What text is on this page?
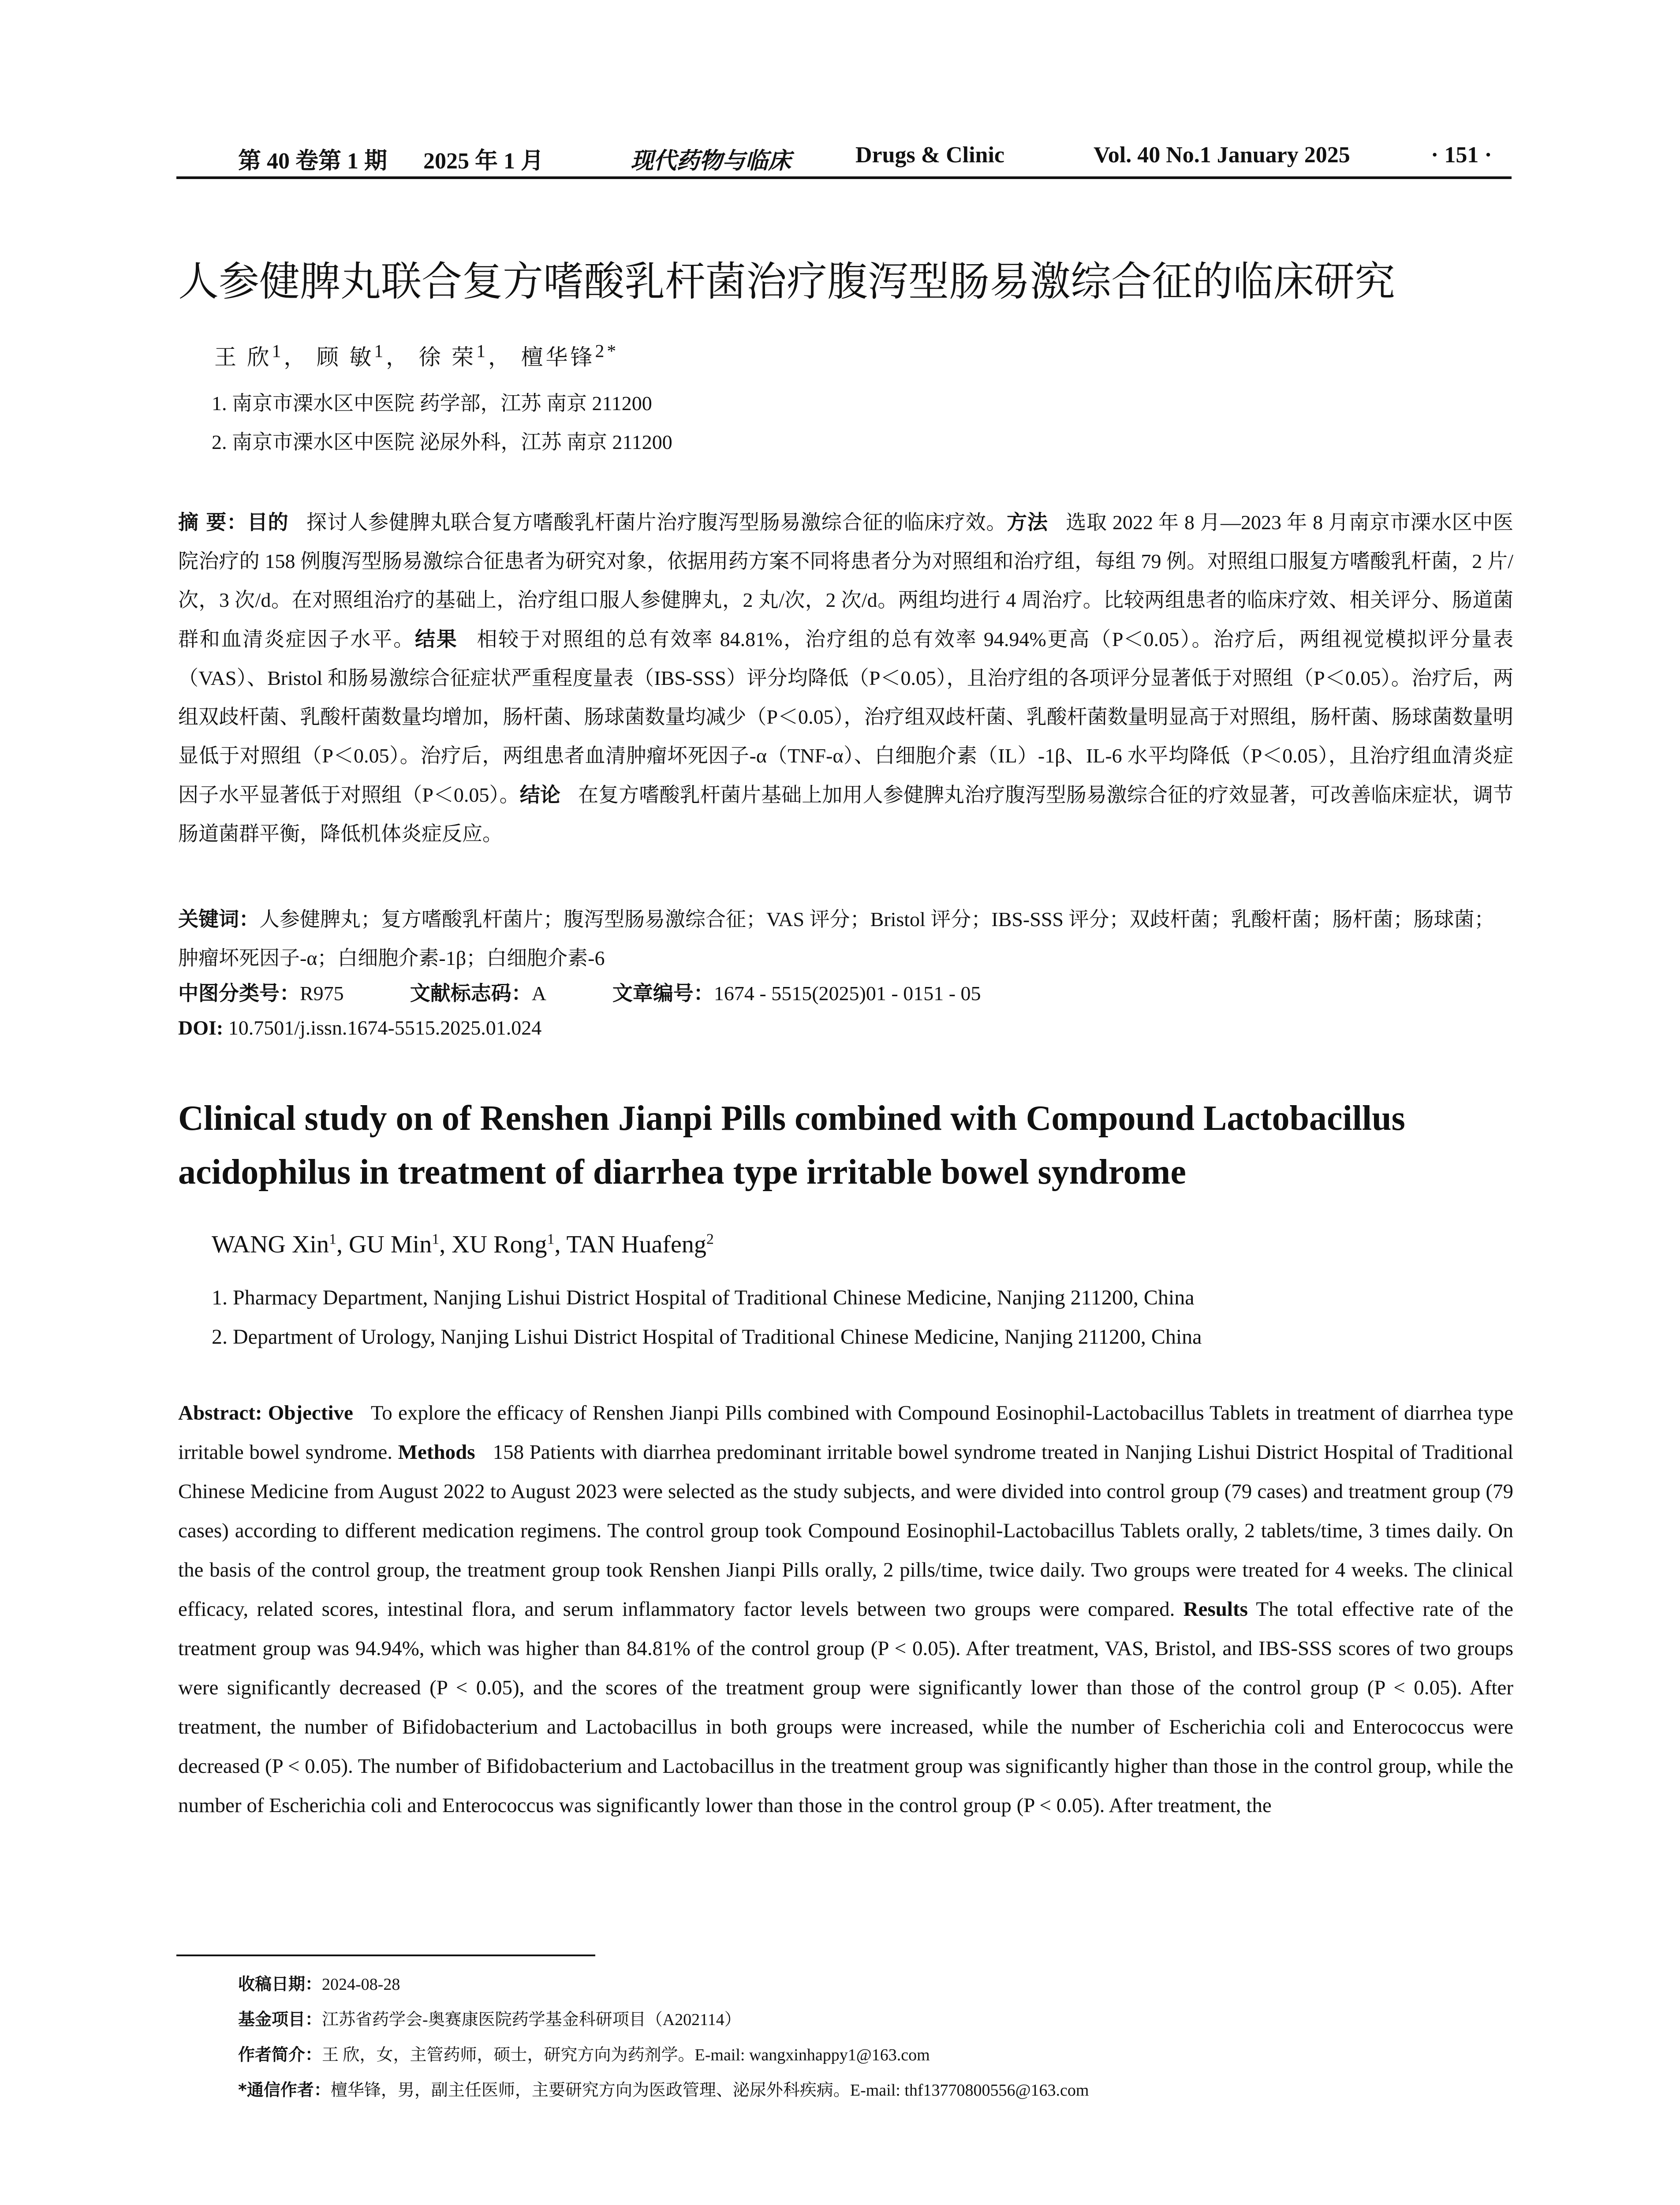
第 40 卷第 1 期 2025 年 1 月	现代药物与临床	Drugs & Clinic	Vol. 40 No.1 January 2025	· 151 ·
人参健脾丸联合复方嗜酸乳杆菌治疗腹泻型肠易激综合征的临床研究
王 欣$^1$， 顾 敏$^1$， 徐 荣$^1$， 檀华锋$^{2*}$
1. 南京市溧水区中医院 药学部，江苏 南京 211200
2. 南京市溧水区中医院 泌尿外科，江苏 南京 211200
摘 要：目的 探讨人参健脾丸联合复方嗜酸乳杆菌片治疗腹泻型肠易激综合征的临床疗效。方法 选取 2022 年 8 月—2023 年 8 月南京市溧水区中医院治疗的 158 例腹泻型肠易激综合征患者为研究对象，依据用药方案不同将患者分为对照组和治疗组，每组 79 例。对照组口服复方嗜酸乳杆菌，2 片/次，3 次/d。在对照组治疗的基础上，治疗组口服人参健脾丸，2 丸/次，2 次/d。两组均进行 4 周治疗。比较两组患者的临床疗效、相关评分、肠道菌群和血清炎症因子水平。结果 相较于对照组的总有效率 84.81%，治疗组的总有效率 94.94%更高（P＜0.05）。治疗后，两组视觉模拟评分量表（VAS）、Bristol 和肠易激综合征症状严重程度量表（IBS-SSS）评分均降低（P＜0.05），且治疗组的各项评分显著低于对照组（P＜0.05）。治疗后，两组双歧杆菌、乳酸杆菌数量均增加，肠杆菌、肠球菌数量均减少（P＜0.05），治疗组双歧杆菌、乳酸杆菌数量明显高于对照组，肠杆菌、肠球菌数量明显低于对照组（P＜0.05）。治疗后，两组患者血清肿瘤坏死因子-α（TNF-α）、白细胞介素（IL）-1β、IL-6 水平均降低（P＜0.05），且治疗组血清炎症因子水平显著低于对照组（P＜0.05）。结论 在复方嗜酸乳杆菌片基础上加用人参健脾丸治疗腹泻型肠易激综合征的疗效显著，可改善临床症状，调节肠道菌群平衡，降低机体炎症反应。
关键词：人参健脾丸；复方嗜酸乳杆菌片；腹泻型肠易激综合征；VAS 评分；Bristol 评分；IBS-SSS 评分；双歧杆菌；乳酸杆菌；肠杆菌；肠球菌；肿瘤坏死因子-α；白细胞介素-1β；白细胞介素-6
中图分类号：R975	文献标志码：A	文章编号：1674 - 5515(2025)01 - 0151 - 05
DOI: 10.7501/j.issn.1674-5515.2025.01.024
Clinical study on of Renshen Jianpi Pills combined with Compound Lactobacillus acidophilus in treatment of diarrhea type irritable bowel syndrome
WANG Xin$^1$, GU Min$^1$, XU Rong$^1$, TAN Huafeng$^2$
1. Pharmacy Department, Nanjing Lishui District Hospital of Traditional Chinese Medicine, Nanjing 211200, China
2. Department of Urology, Nanjing Lishui District Hospital of Traditional Chinese Medicine, Nanjing 211200, China
Abstract: Objective To explore the efficacy of Renshen Jianpi Pills combined with Compound Eosinophil-Lactobacillus Tablets in treatment of diarrhea type irritable bowel syndrome. Methods 158 Patients with diarrhea predominant irritable bowel syndrome treated in Nanjing Lishui District Hospital of Traditional Chinese Medicine from August 2022 to August 2023 were selected as the study subjects, and were divided into control group (79 cases) and treatment group (79 cases) according to different medication regimens. The control group took Compound Eosinophil-Lactobacillus Tablets orally, 2 tablets/time, 3 times daily. On the basis of the control group, the treatment group took Renshen Jianpi Pills orally, 2 pills/time, twice daily. Two groups were treated for 4 weeks. The clinical efficacy, related scores, intestinal flora, and serum inflammatory factor levels between two groups were compared. Results The total effective rate of the treatment group was 94.94%, which was higher than 84.81% of the control group (P < 0.05). After treatment, VAS, Bristol, and IBS-SSS scores of two groups were significantly decreased (P < 0.05), and the scores of the treatment group were significantly lower than those of the control group (P < 0.05). After treatment, the number of Bifidobacterium and Lactobacillus in both groups were increased, while the number of Escherichia coli and Enterococcus were decreased (P < 0.05). The number of Bifidobacterium and Lactobacillus in the treatment group was significantly higher than those in the control group, while the number of Escherichia coli and Enterococcus was significantly lower than those in the control group (P < 0.05). After treatment, the
收稿日期：2024-08-28
基金项目：江苏省药学会-奥赛康医院药学基金科研项目（A202114）
作者简介：王 欣，女，主管药师，硕士，研究方向为药剂学。E-mail: wangxinhappy1@163.com
*通信作者：檀华锋，男，副主任医师，主要研究方向为医政管理、泌尿外科疾病。E-mail: thf13770800556@163.com
